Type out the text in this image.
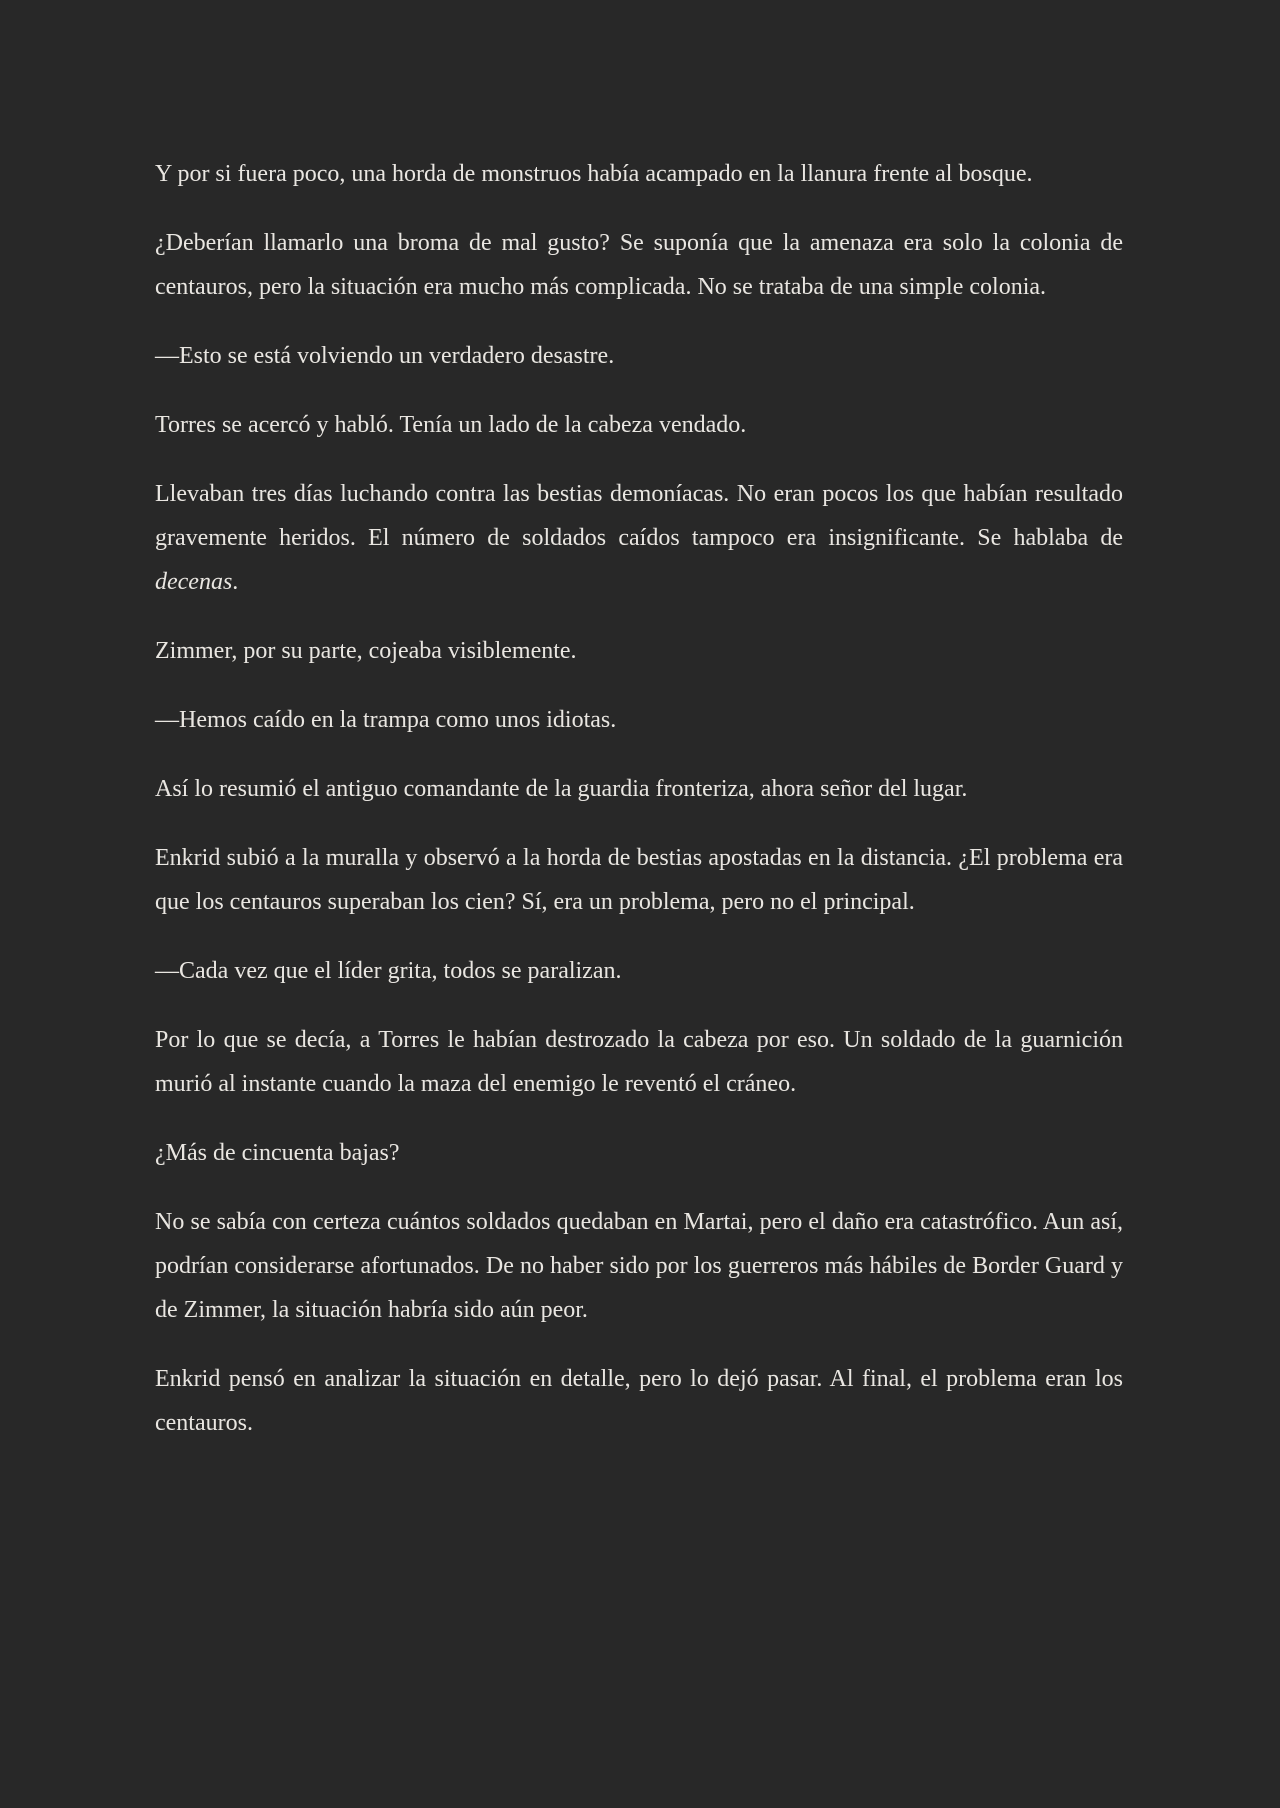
Y por si fuera poco, una horda de monstruos había acampado en la llanura frente al bosque.

¿Deberían llamarlo una broma de mal gusto? Se suponía que la amenaza era solo la colonia de centauros, pero la situación era mucho más complicada. No se trataba de una simple colonia.

—Esto se está volviendo un verdadero desastre.

Torres se acercó y habló. Tenía un lado de la cabeza vendado.

Llevaban tres días luchando contra las bestias demoníacas. No eran pocos los que habían resultado gravemente heridos. El número de soldados caídos tampoco era insignificante. Se hablaba de decenas.

Zimmer, por su parte, cojeaba visiblemente.

—Hemos caído en la trampa como unos idiotas.

Así lo resumió el antiguo comandante de la guardia fronteriza, ahora señor del lugar.

Enkrid subió a la muralla y observó a la horda de bestias apostadas en la distancia. ¿El problema era que los centauros superaban los cien? Sí, era un problema, pero no el principal.

—Cada vez que el líder grita, todos se paralizan.

Por lo que se decía, a Torres le habían destrozado la cabeza por eso. Un soldado de la guarnición murió al instante cuando la maza del enemigo le reventó el cráneo.

¿Más de cincuenta bajas?

No se sabía con certeza cuántos soldados quedaban en Martai, pero el daño era catastrófico. Aun así, podrían considerarse afortunados. De no haber sido por los guerreros más hábiles de Border Guard y de Zimmer, la situación habría sido aún peor.

Enkrid pensó en analizar la situación en detalle, pero lo dejó pasar. Al final, el problema eran los centauros.
